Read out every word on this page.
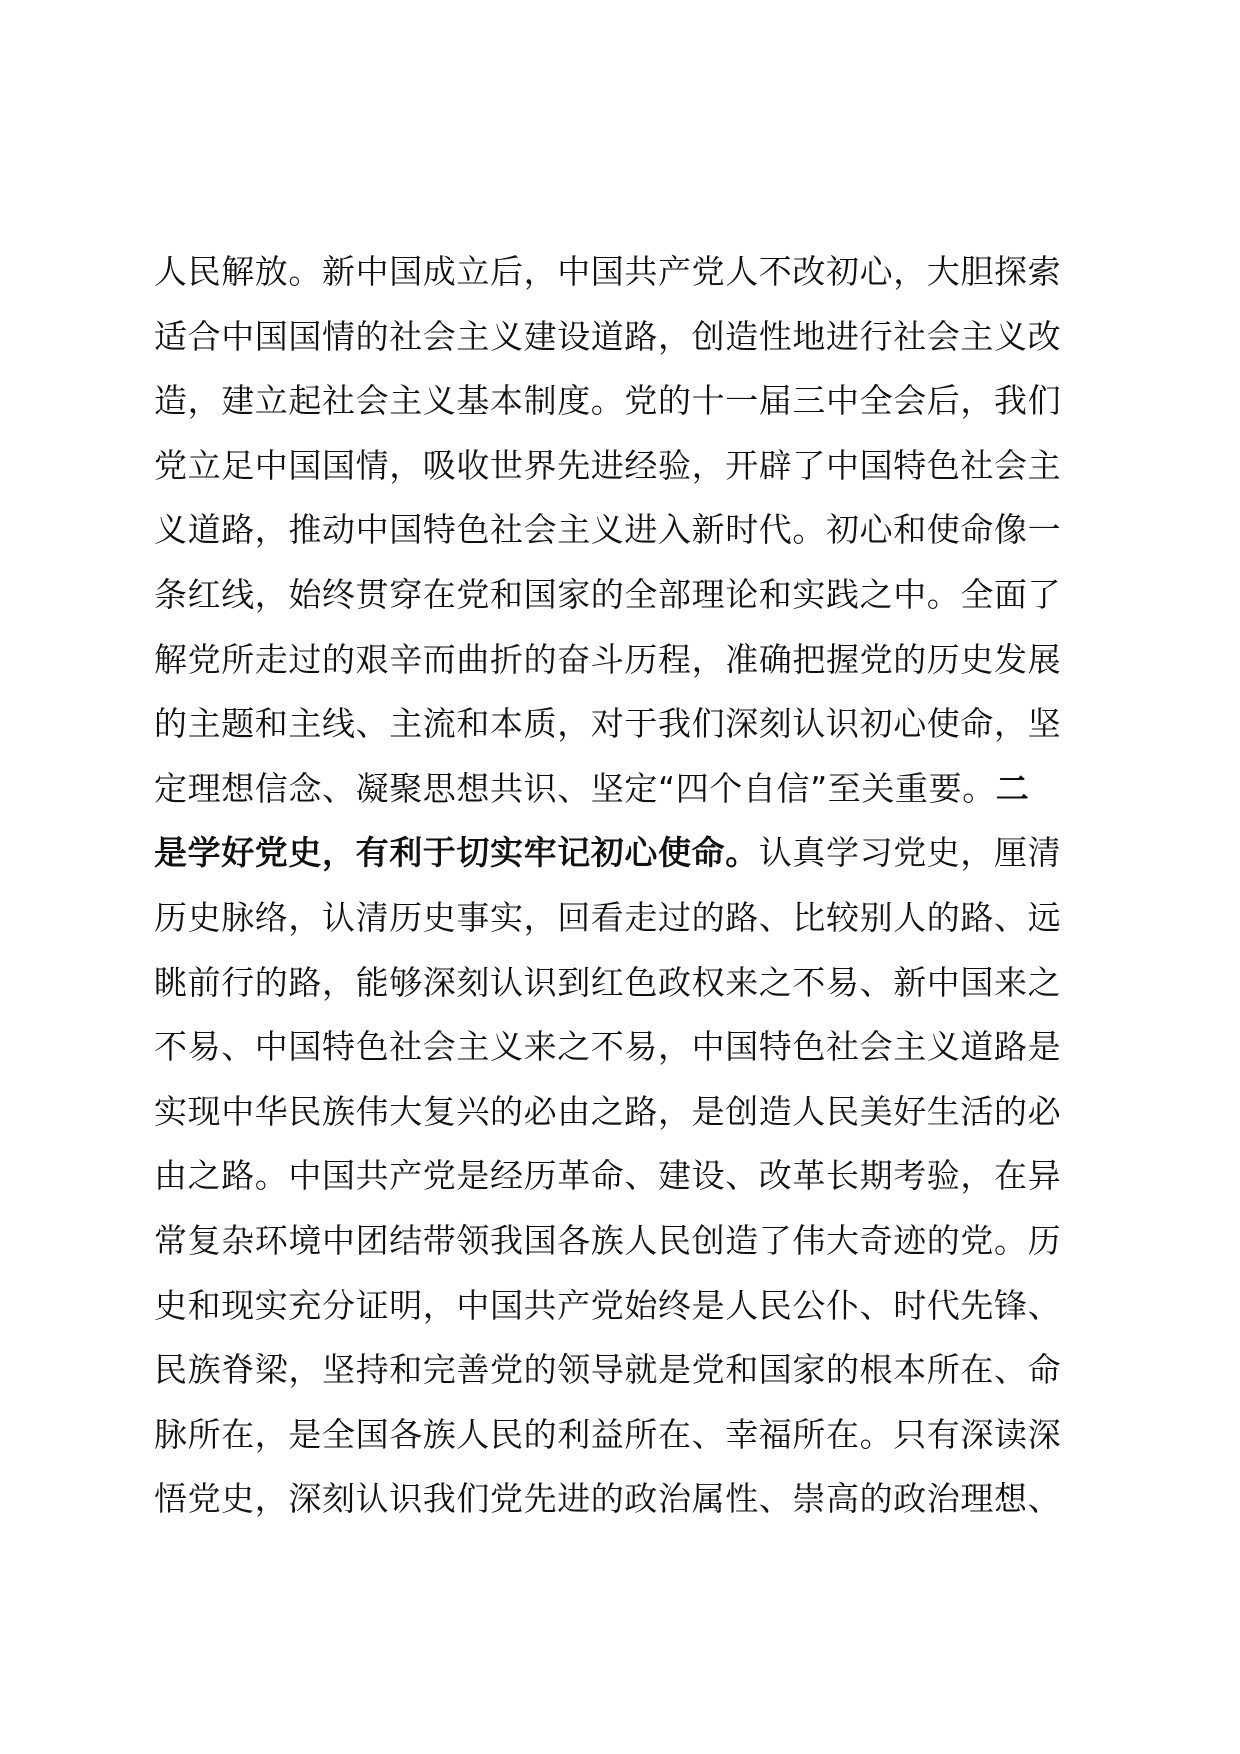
人民解放。新中国成立后，中国共产党人不改初心，大胆探索
适合中国国情的社会主义建设道路，创造性地进行社会主义改
造，建立起社会主义基本制度。党的十一届三中全会后，我们
党立足中国国情，吸收世界先进经验，开辟了中国特色社会主
义道路，推动中国特色社会主义进入新时代。初心和使命像一
条红线，始终贯穿在党和国家的全部理论和实践之中。全面了
解党所走过的艰辛而曲折的奋斗历程，准确把握党的历史发展
的主题和主线、主流和本质，对于我们深刻认识初心使命，坚
定理想信念、凝聚思想共识、坚定“四个自信”至关重要。二
是学好党史，有利于切实牢记初心使命。认真学习党史，厘清
历史脉络，认清历史事实，回看走过的路、比较别人的路、远
眺前行的路，能够深刻认识到红色政权来之不易、新中国来之
不易、中国特色社会主义来之不易，中国特色社会主义道路是
实现中华民族伟大复兴的必由之路，是创造人民美好生活的必
由之路。中国共产党是经历革命、建设、改革长期考验，在异
常复杂环境中团结带领我国各族人民创造了伟大奇迹的党。历
史和现实充分证明，中国共产党始终是人民公仆、时代先锋、
民族脊梁，坚持和完善党的领导就是党和国家的根本所在、命
脉所在，是全国各族人民的利益所在、幸福所在。只有深读深
悟党史，深刻认识我们党先进的政治属性、崇高的政治理想、
